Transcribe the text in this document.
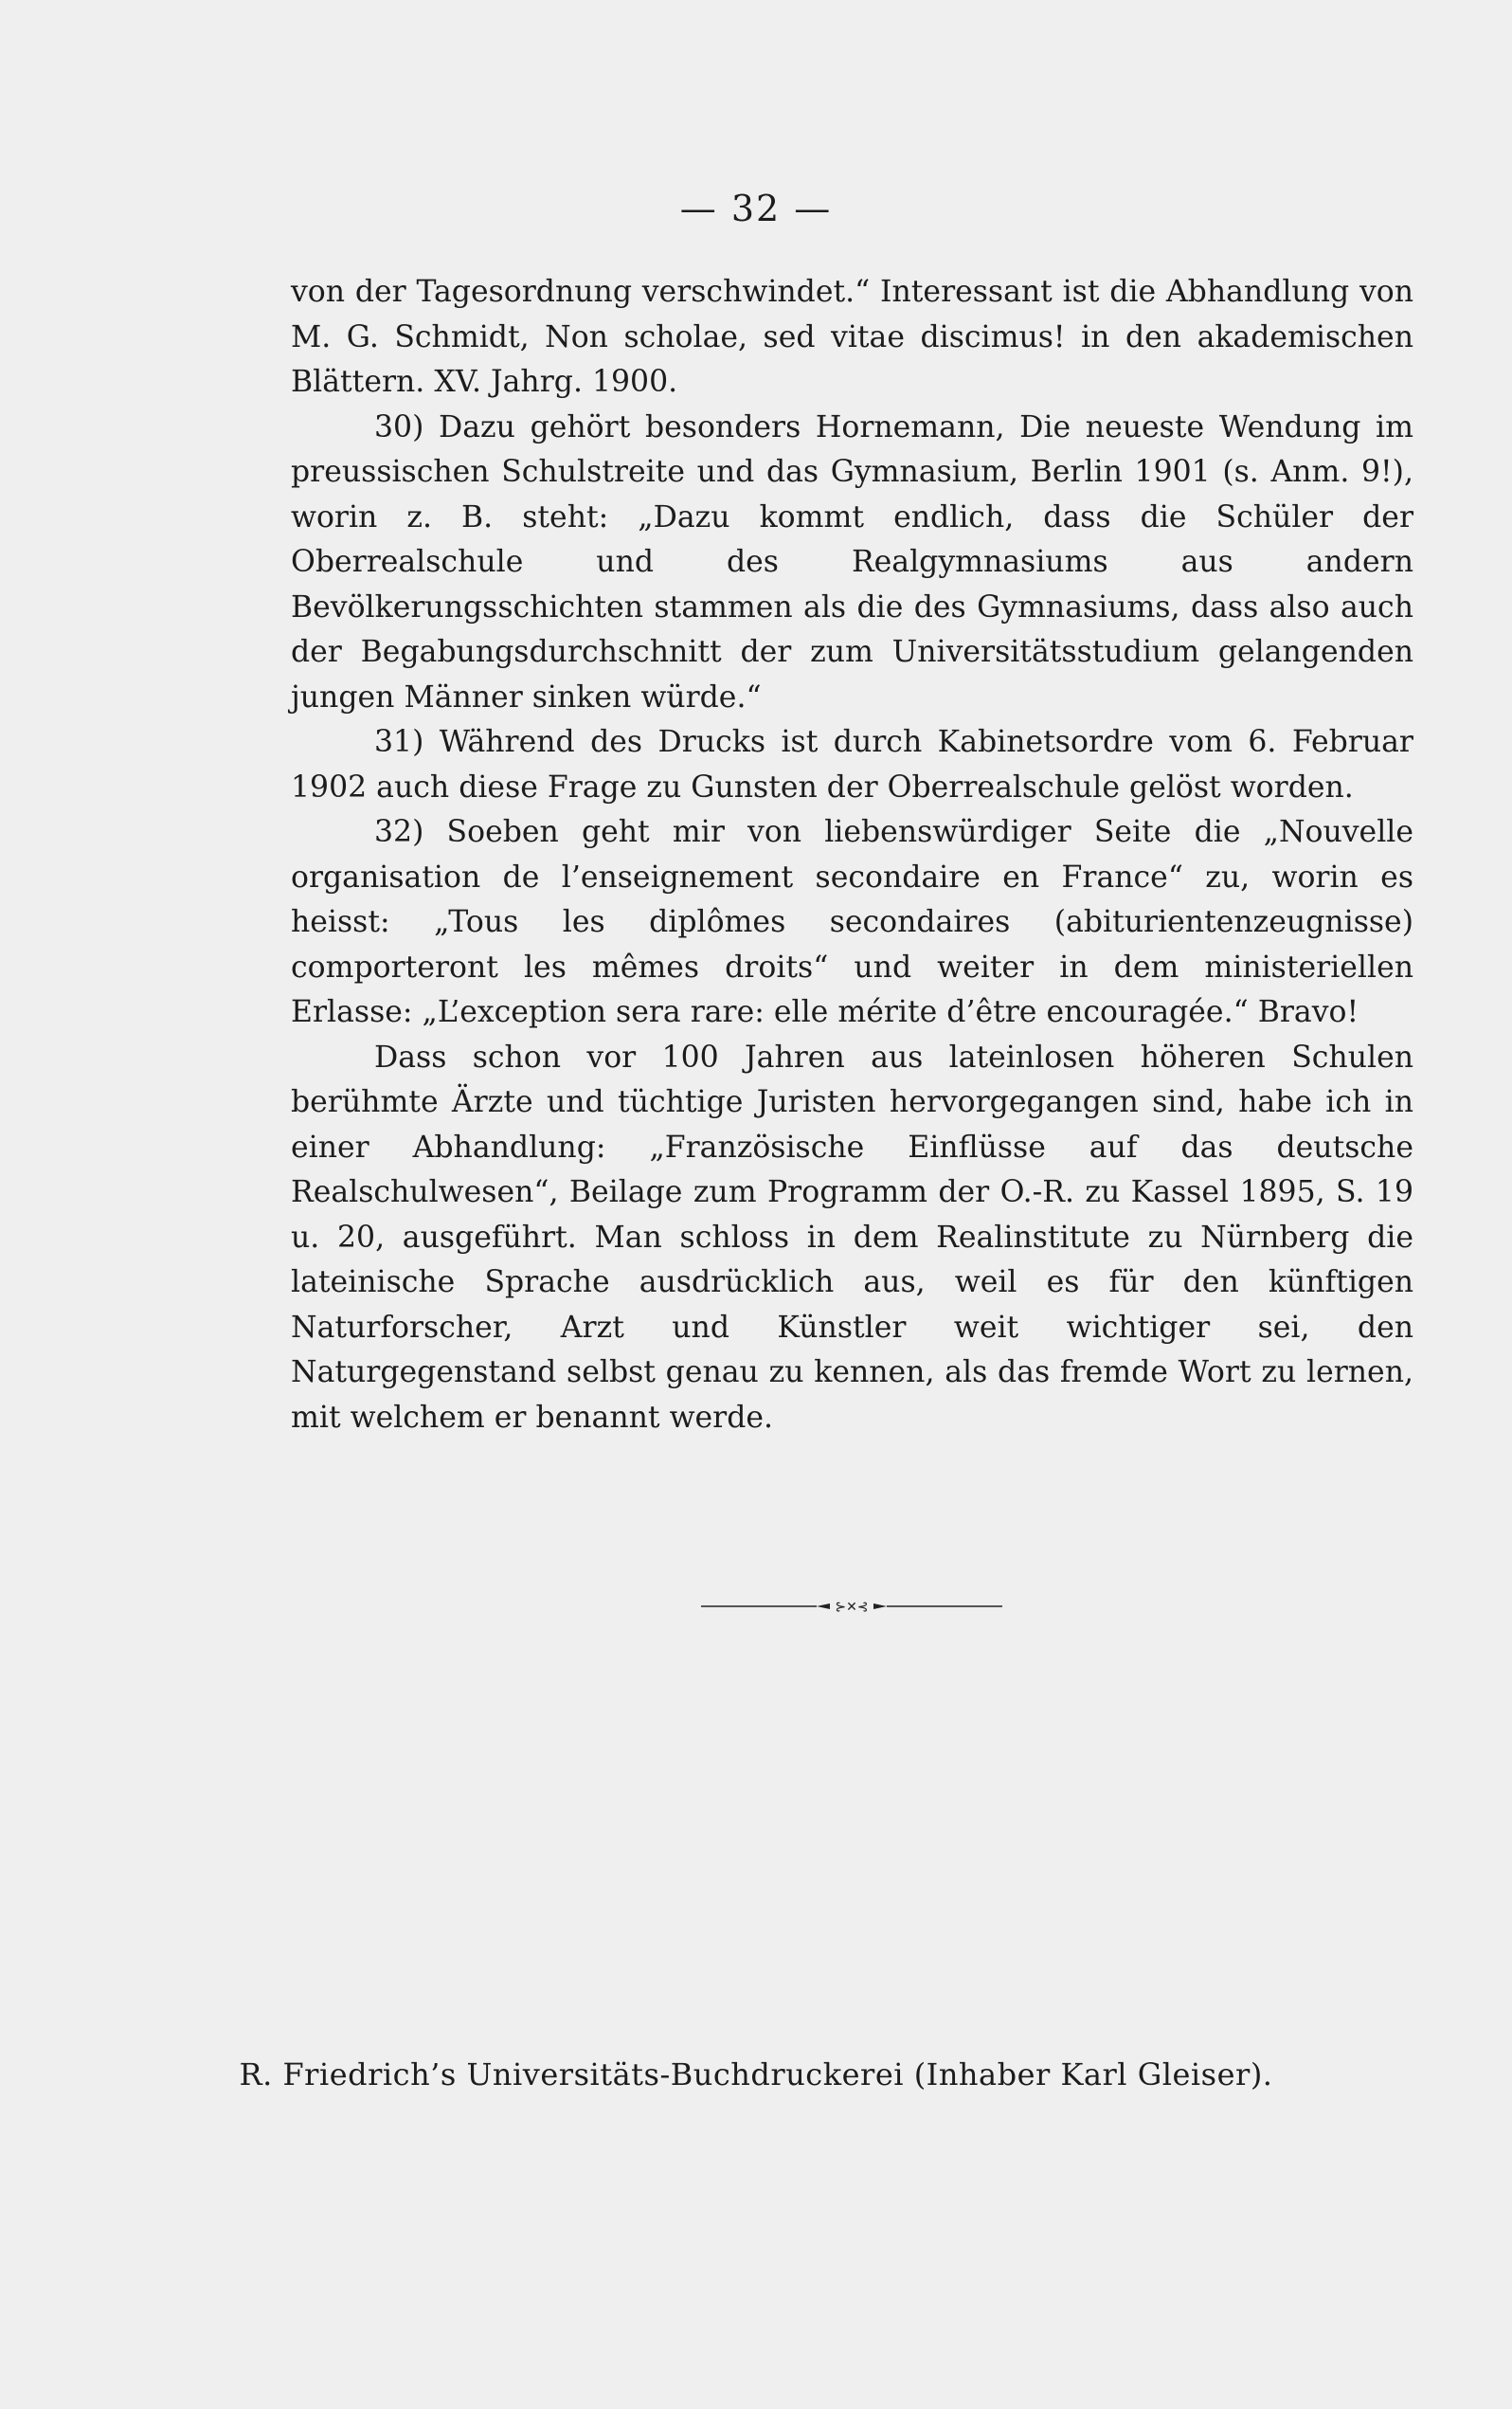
— 32 —

von der Tagesordnung verschwindet.“ Interessant ist die Abhandlung von M. G. Schmidt, Non scholae, sed vitae discimus! in den akademischen Blättern. XV. Jahrg. 1900.

30) Dazu gehört besonders Hornemann, Die neueste Wendung im preussischen Schulstreite und das Gymnasium, Berlin 1901 (s. Anm. 9!), worin z. B. steht: „Dazu kommt endlich, dass die Schüler der Oberrealschule und des Realgymnasiums aus andern Bevölkerungsschichten stammen als die des Gymnasiums, dass also auch der Begabungsdurchschnitt der zum Universitätsstudium gelangenden jungen Männer sinken würde.“

31) Während des Drucks ist durch Kabinetsordre vom 6. Februar 1902 auch diese Frage zu Gunsten der Oberrealschule gelöst worden.

32) Soeben geht mir von liebenswürdiger Seite die „Nouvelle organisation de l’enseignement secondaire en France“ zu, worin es heisst: „Tous les diplômes secondaires (abiturientenzeugnisse) comporteront les mêmes droits“ und weiter in dem ministeriellen Erlasse: „L’exception sera rare: elle mérite d’être encouragée.“ Bravo!

Dass schon vor 100 Jahren aus lateinlosen höheren Schulen berühmte Ärzte und tüchtige Juristen hervorgegangen sind, habe ich in einer Abhandlung: „Französische Einflüsse auf das deutsche Realschulwesen“, Beilage zum Programm der O.-R. zu Kassel 1895, S. 19 u. 20, ausgeführt. Man schloss in dem Realinstitute zu Nürnberg die lateinische Sprache ausdrücklich aus, weil es für den künftigen Naturforscher, Arzt und Künstler weit wichtiger sei, den Naturgegenstand selbst genau zu kennen, als das fremde Wort zu lernen, mit welchem er benannt werde.

⊱✕⊰
R. Friedrich’s Universitäts-Buchdruckerei (Inhaber Karl Gleiser).
